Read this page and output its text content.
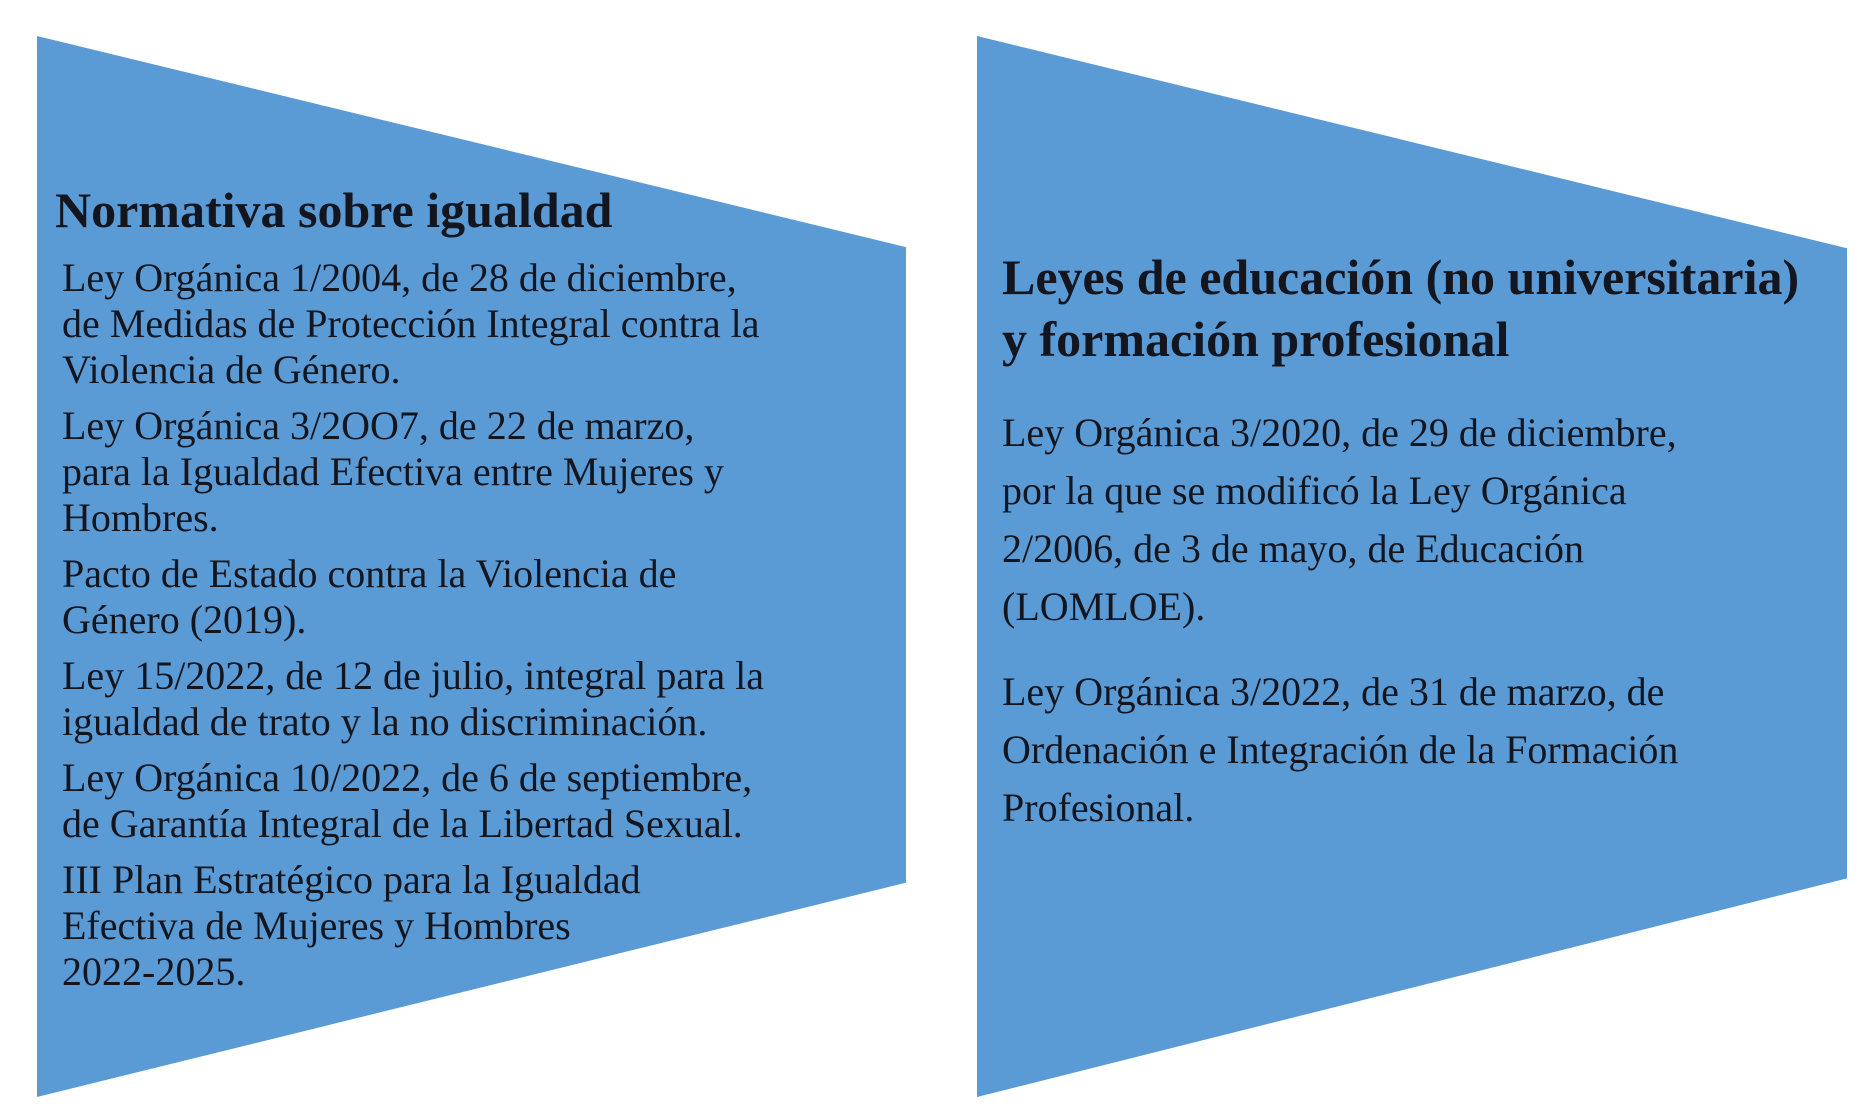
Normativa sobre igualdad

Ley Orgánica 1/2004, de 28 de diciembre,
de Medidas de Protección Integral contra la
Violencia de Género.

Ley Orgánica 3/2OO7, de 22 de marzo,
para la Igualdad Efectiva entre Mujeres y
Hombres.

Pacto de Estado contra la Violencia de
Género (2019).

Ley 15/2022, de 12 de julio, integral para la
igualdad de trato y la no discriminación.

Ley Orgánica 10/2022, de 6 de septiembre,
de Garantía Integral de la Libertad Sexual.

III Plan Estratégico para la Igualdad
Efectiva de Mujeres y Hombres
2022-2025.

Leyes de educación (no universitaria)
y formación profesional

Ley Orgánica 3/2020, de 29 de diciembre,
por la que se modificó la Ley Orgánica
2/2006, de 3 de mayo, de Educación
(LOMLOE).

Ley Orgánica 3/2022, de 31 de marzo, de
Ordenación e Integración de la Formación
Profesional.
